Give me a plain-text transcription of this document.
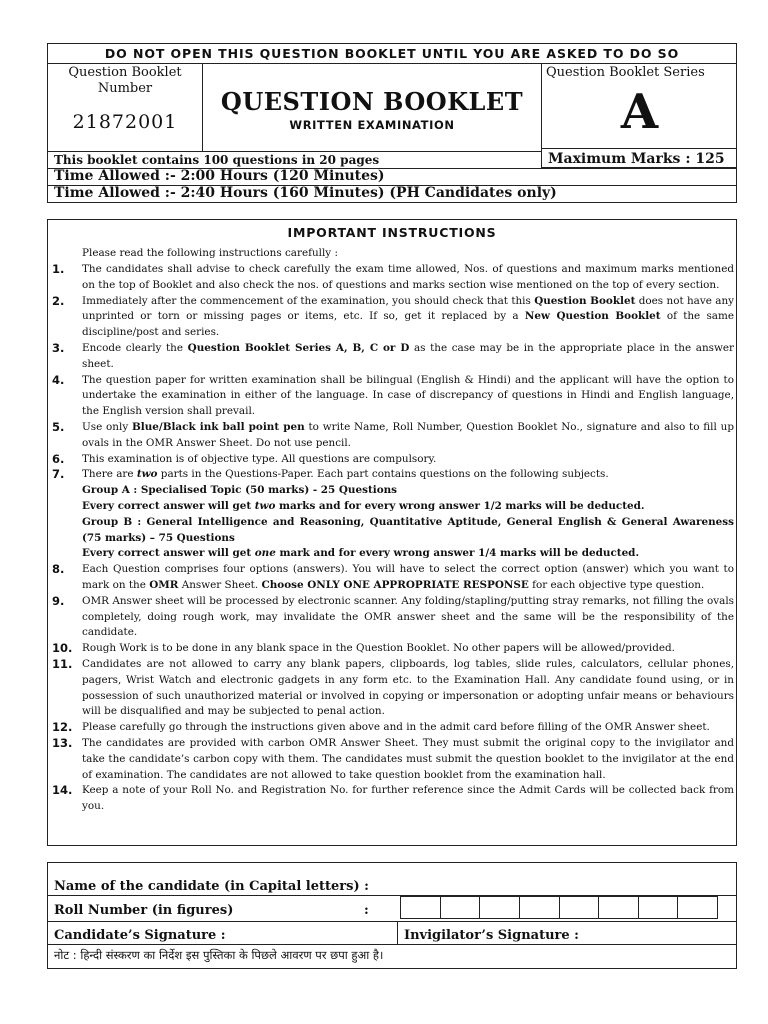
DO NOT OPEN THIS QUESTION BOOKLET UNTIL YOU ARE ASKED TO DO SO
Question Booklet Number
21872001
QUESTION BOOKLET
WRITTEN EXAMINATION
Question Booklet Series
A
This booklet contains 100 questions in 20 pages	Maximum Marks : 125
Time Allowed :- 2:00 Hours (120 Minutes)
Time Allowed :- 2:40 Hours (160 Minutes) (PH Candidates only)
IMPORTANT INSTRUCTIONS
Please read the following instructions carefully :
1. The candidates shall advise to check carefully the exam time allowed, Nos. of questions and maximum marks mentioned on the top of Booklet and also check the nos. of questions and marks section wise mentioned on the top of every section.
2. Immediately after the commencement of the examination, you should check that this Question Booklet does not have any unprinted or torn or missing pages or items, etc. If so, get it replaced by a New Question Booklet of the same discipline/post and series.
3. Encode clearly the Question Booklet Series A, B, C or D as the case may be in the appropriate place in the answer sheet.
4. The question paper for written examination shall be bilingual (English & Hindi) and the applicant will have the option to undertake the examination in either of the language. In case of discrepancy of questions in Hindi and English language, the English version shall prevail.
5. Use only Blue/Black ink ball point pen to write Name, Roll Number, Question Booklet No., signature and also to fill up ovals in the OMR Answer Sheet. Do not use pencil.
6. This examination is of objective type. All questions are compulsory.
7. There are two parts in the Questions-Paper. Each part contains questions on the following subjects.
Group A : Specialised Topic (50 marks) - 25 Questions
Every correct answer will get two marks and for every wrong answer 1/2 marks will be deducted.
Group B : General Intelligence and Reasoning, Quantitative Aptitude, General English & General Awareness (75 marks) – 75 Questions
Every correct answer will get one mark and for every wrong answer 1/4 marks will be deducted.
8. Each Question comprises four options (answers). You will have to select the correct option (answer) which you want to mark on the OMR Answer Sheet. Choose ONLY ONE APPROPRIATE RESPONSE for each objective type question.
9. OMR Answer sheet will be processed by electronic scanner. Any folding/stapling/putting stray remarks, not filling the ovals completely, doing rough work, may invalidate the OMR answer sheet and the same will be the responsibility of the candidate.
10. Rough Work is to be done in any blank space in the Question Booklet. No other papers will be allowed/provided.
11. Candidates are not allowed to carry any blank papers, clipboards, log tables, slide rules, calculators, cellular phones, pagers, Wrist Watch and electronic gadgets in any form etc. to the Examination Hall. Any candidate found using, or in possession of such unauthorized material or involved in copying or impersonation or adopting unfair means or behaviours will be disqualified and may be subjected to penal action.
12. Please carefully go through the instructions given above and in the admit card before filling of the OMR Answer sheet.
13. The candidates are provided with carbon OMR Answer Sheet. They must submit the original copy to the invigilator and take the candidate’s carbon copy with them. The candidates must submit the question booklet to the invigilator at the end of examination. The candidates are not allowed to take question booklet from the examination hall.
14. Keep a note of your Roll No. and Registration No. for further reference since the Admit Cards will be collected back from you.
Name of the candidate (in Capital letters) :
Roll Number (in figures)	:
Candidate’s Signature :	Invigilator’s Signature :
नोट : हिन्दी संस्करण का निर्देश इस पुस्तिका के पिछले आवरण पर छपा हुआ है।
